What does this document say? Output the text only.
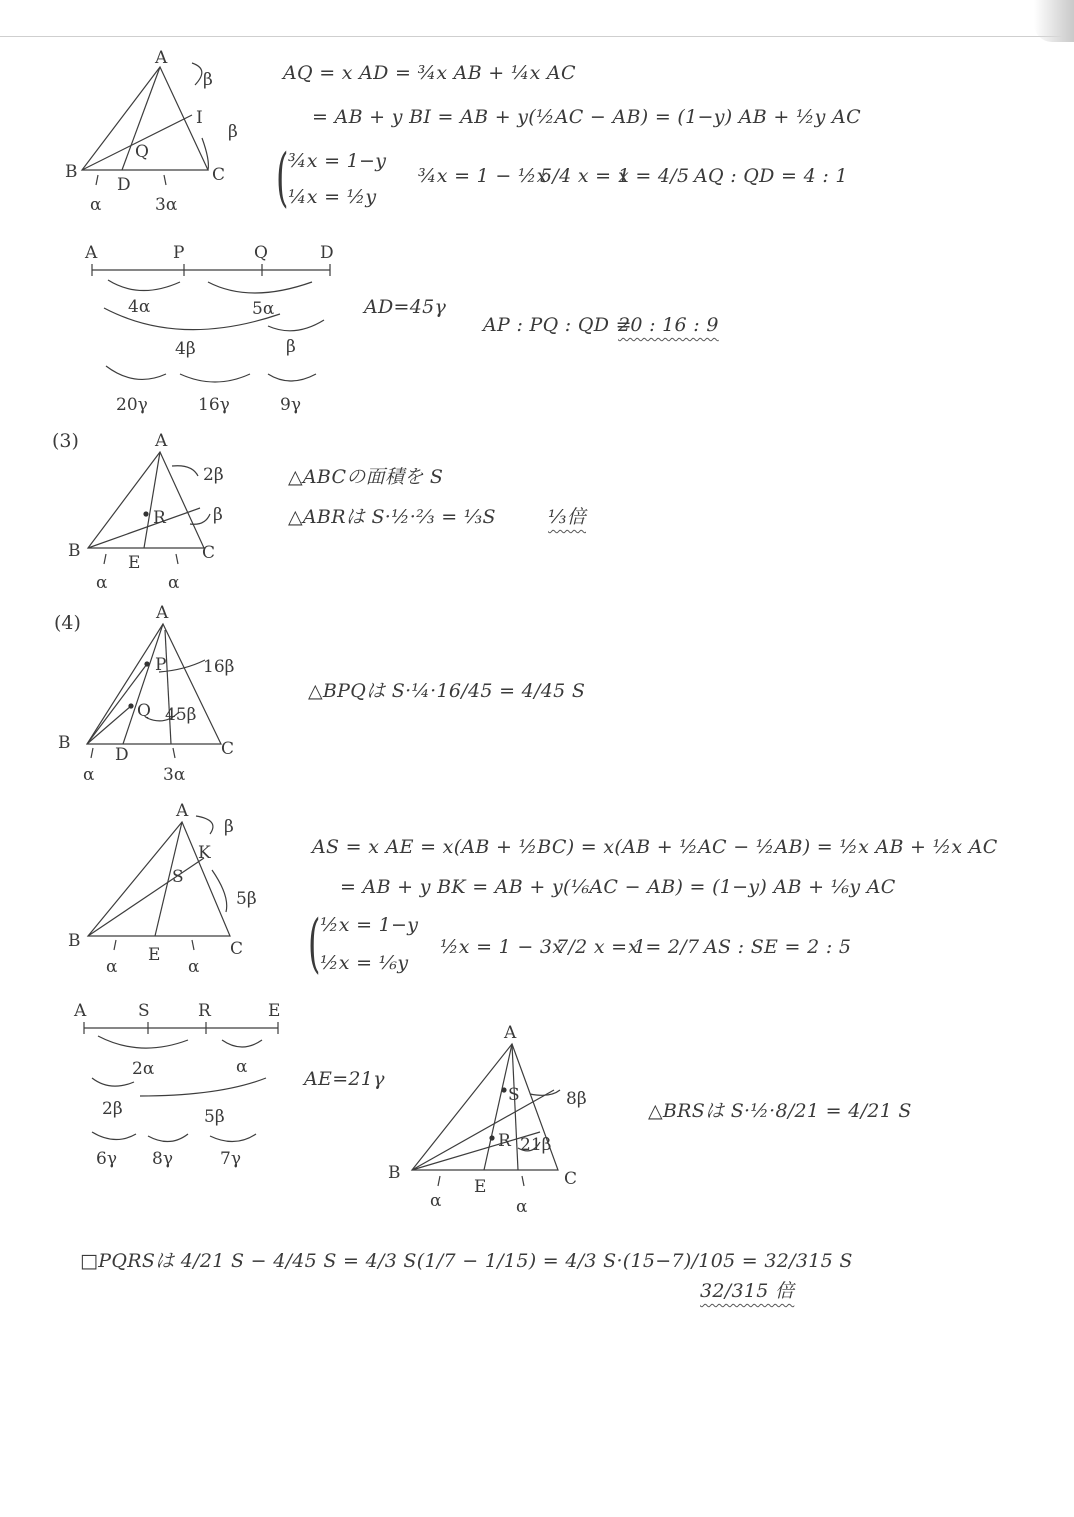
A
B	C
D
Q
I
β
β
α	3α
AQ = x AD = ¾x AB + ¼x AC
= AB + y BI = AB + y(½AC − AB) = (1−y) AB + ½y AC
( ¾x = 1−y
¼x = ½y
¾x = 1 − ½x
5/4 x = 1
x = 4/5 AQ : QD = 4 : 1
A	P	Q	D
4α	5α
4β	β
20γ	16γ	9γ
AD=45γ
AP : PQ : QD =
20 : 16 : 9
(3)	A
B	C
E
R
2β
β
α	α
△ABCの面積を S
△ABRは S·½·⅔ = ⅓S	⅓倍
(4)	A
B	C
D
P
Q
16β
45β
α	3α
△BPQは S·¼·16/45 = 4/45 S
A
B	C
E
S
K
β
5β
α	α
AS = x AE = x(AB + ½BC) = x(AB + ½AC − ½AB) = ½x AB + ½x AC
= AB + y BK = AB + y(⅙AC − AB) = (1−y) AB + ⅙y AC
( ½x = 1−y
½x = ⅙y
½x = 1 − 3x
7/2 x = 1
x = 2/7 AS : SE = 2 : 5
A	S	R	E
2α	α
2β	5β
6γ 8γ	7γ
AE=21γ
A
B	C
E
S
R
8β
21β
α	α
△BRSは S·½·8/21 = 4/21 S
□PQRSは 4/21 S − 4/45 S = 4/3 S(1/7 − 1/15) = 4/3 S·(15−7)/105 = 32/315 S
32/315 倍
